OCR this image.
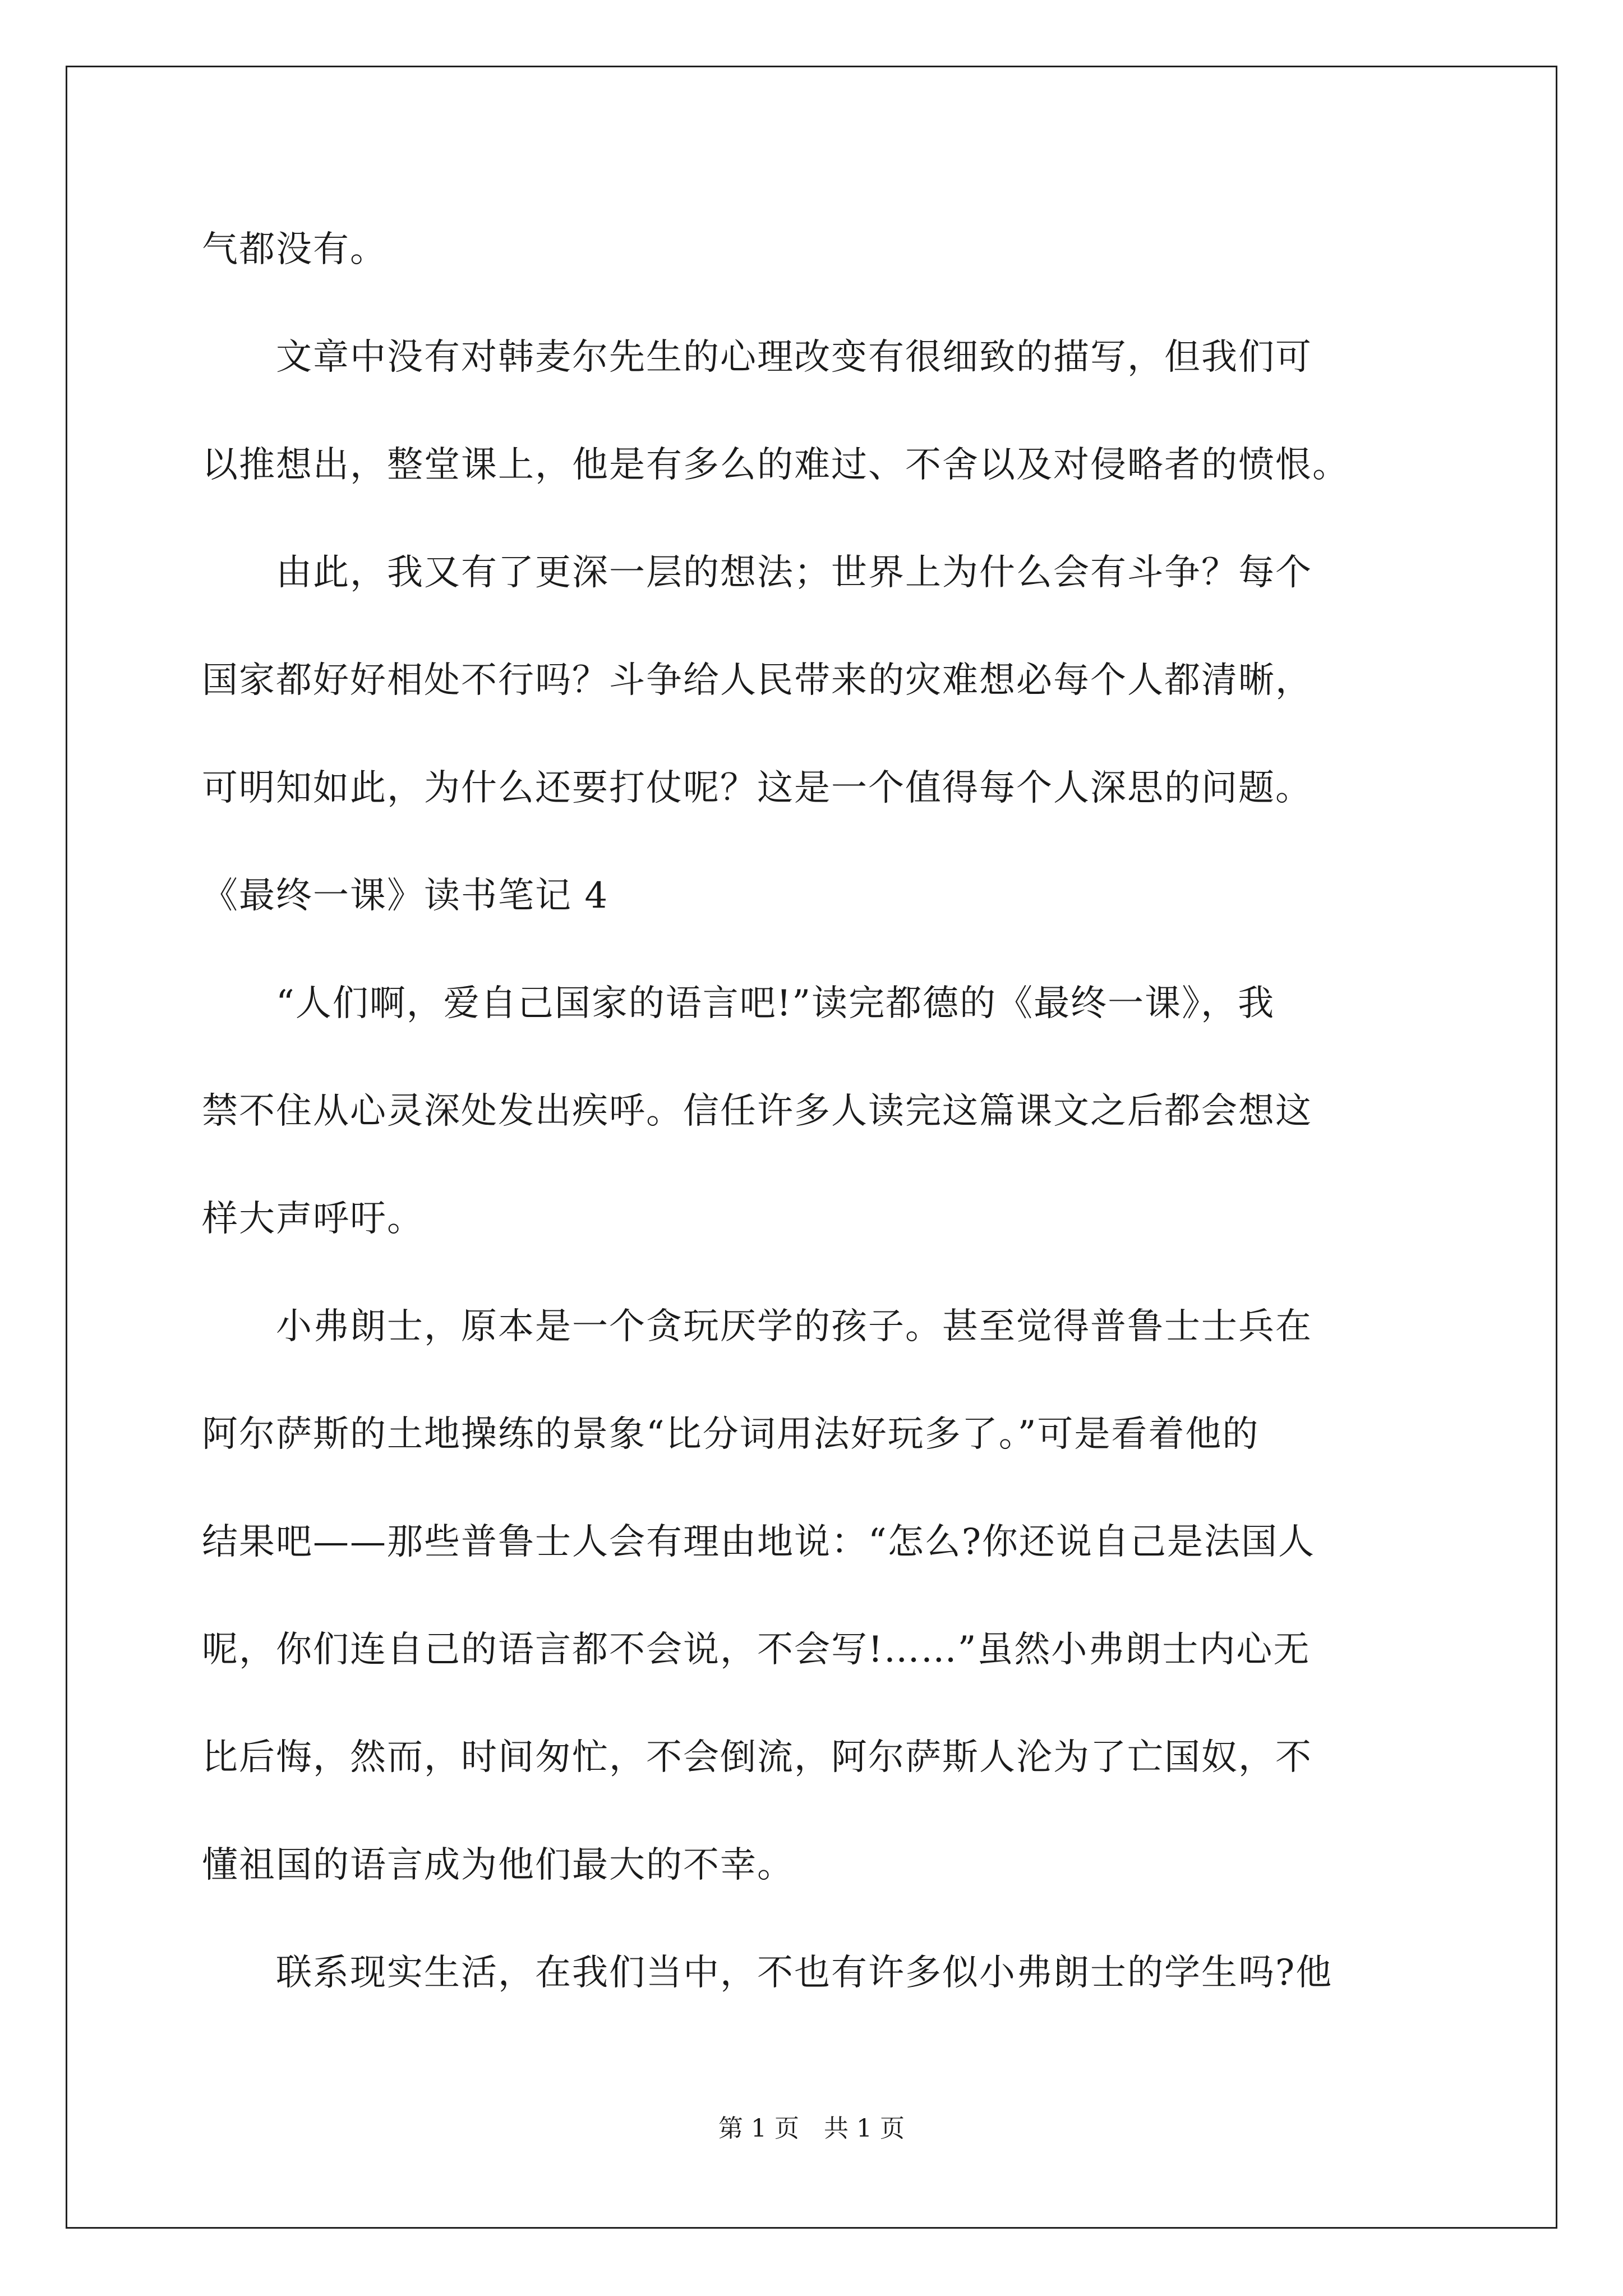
气都没有。
　　文章中没有对韩麦尔先生的心理改变有很细致的描写，但我们可
以推想出，整堂课上，他是有多么的难过、不舍以及对侵略者的愤恨。
　　由此，我又有了更深一层的想法；世界上为什么会有斗争？每个
国家都好好相处不行吗？斗争给人民带来的灾难想必每个人都清晰，
可明知如此，为什么还要打仗呢？这是一个值得每个人深思的问题。
《最终一课》读书笔记 4
　　“人们啊，爱自己国家的语言吧!”读完都德的《最终一课》，我
禁不住从心灵深处发出疾呼。信任许多人读完这篇课文之后都会想这
样大声呼吁。
　　小弗朗士，原本是一个贪玩厌学的孩子。甚至觉得普鲁士士兵在
阿尔萨斯的土地操练的景象“比分词用法好玩多了。”可是看着他的
结果吧——那些普鲁士人会有理由地说：“怎么?你还说自己是法国人
呢，你们连自己的语言都不会说，不会写!……”虽然小弗朗士内心无
比后悔，然而，时间匆忙，不会倒流，阿尔萨斯人沦为了亡国奴，不
懂祖国的语言成为他们最大的不幸。
　　联系现实生活，在我们当中，不也有许多似小弗朗士的学生吗?他
第 1 页　共 1 页
